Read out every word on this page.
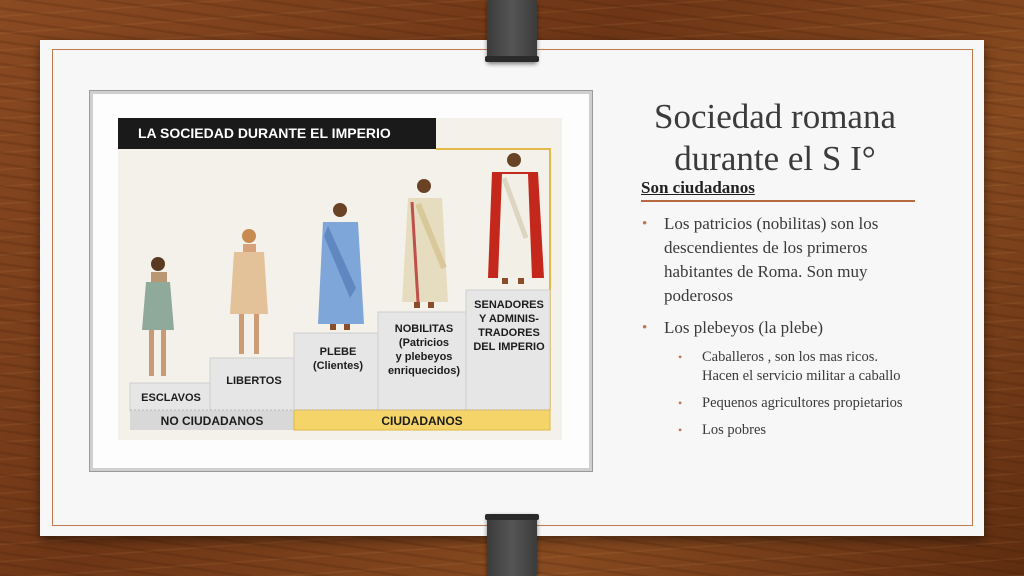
LA SOCIEDAD DURANTE EL IMPERIO
ESCLAVOS
LIBERTOS
PLEBE
(Clientes)
NOBILITAS
(Patricios
y plebeyos
enriquecidos)
SENADORES
Y ADMINIS-
TRADORES
DEL IMPERIO
NO CIUDADANOS	CIUDADANOS
Sociedad romana durante el S I°
Son ciudadanos
• Los patricios (nobilitas) son los descendientes de los primeros habitantes de Roma. Son muy poderosos
• Los plebeyos (la plebe)
• Caballeros , son los mas ricos. Hacen el servicio militar a caballo
• Pequenos agricultores propietarios
• Los pobres
